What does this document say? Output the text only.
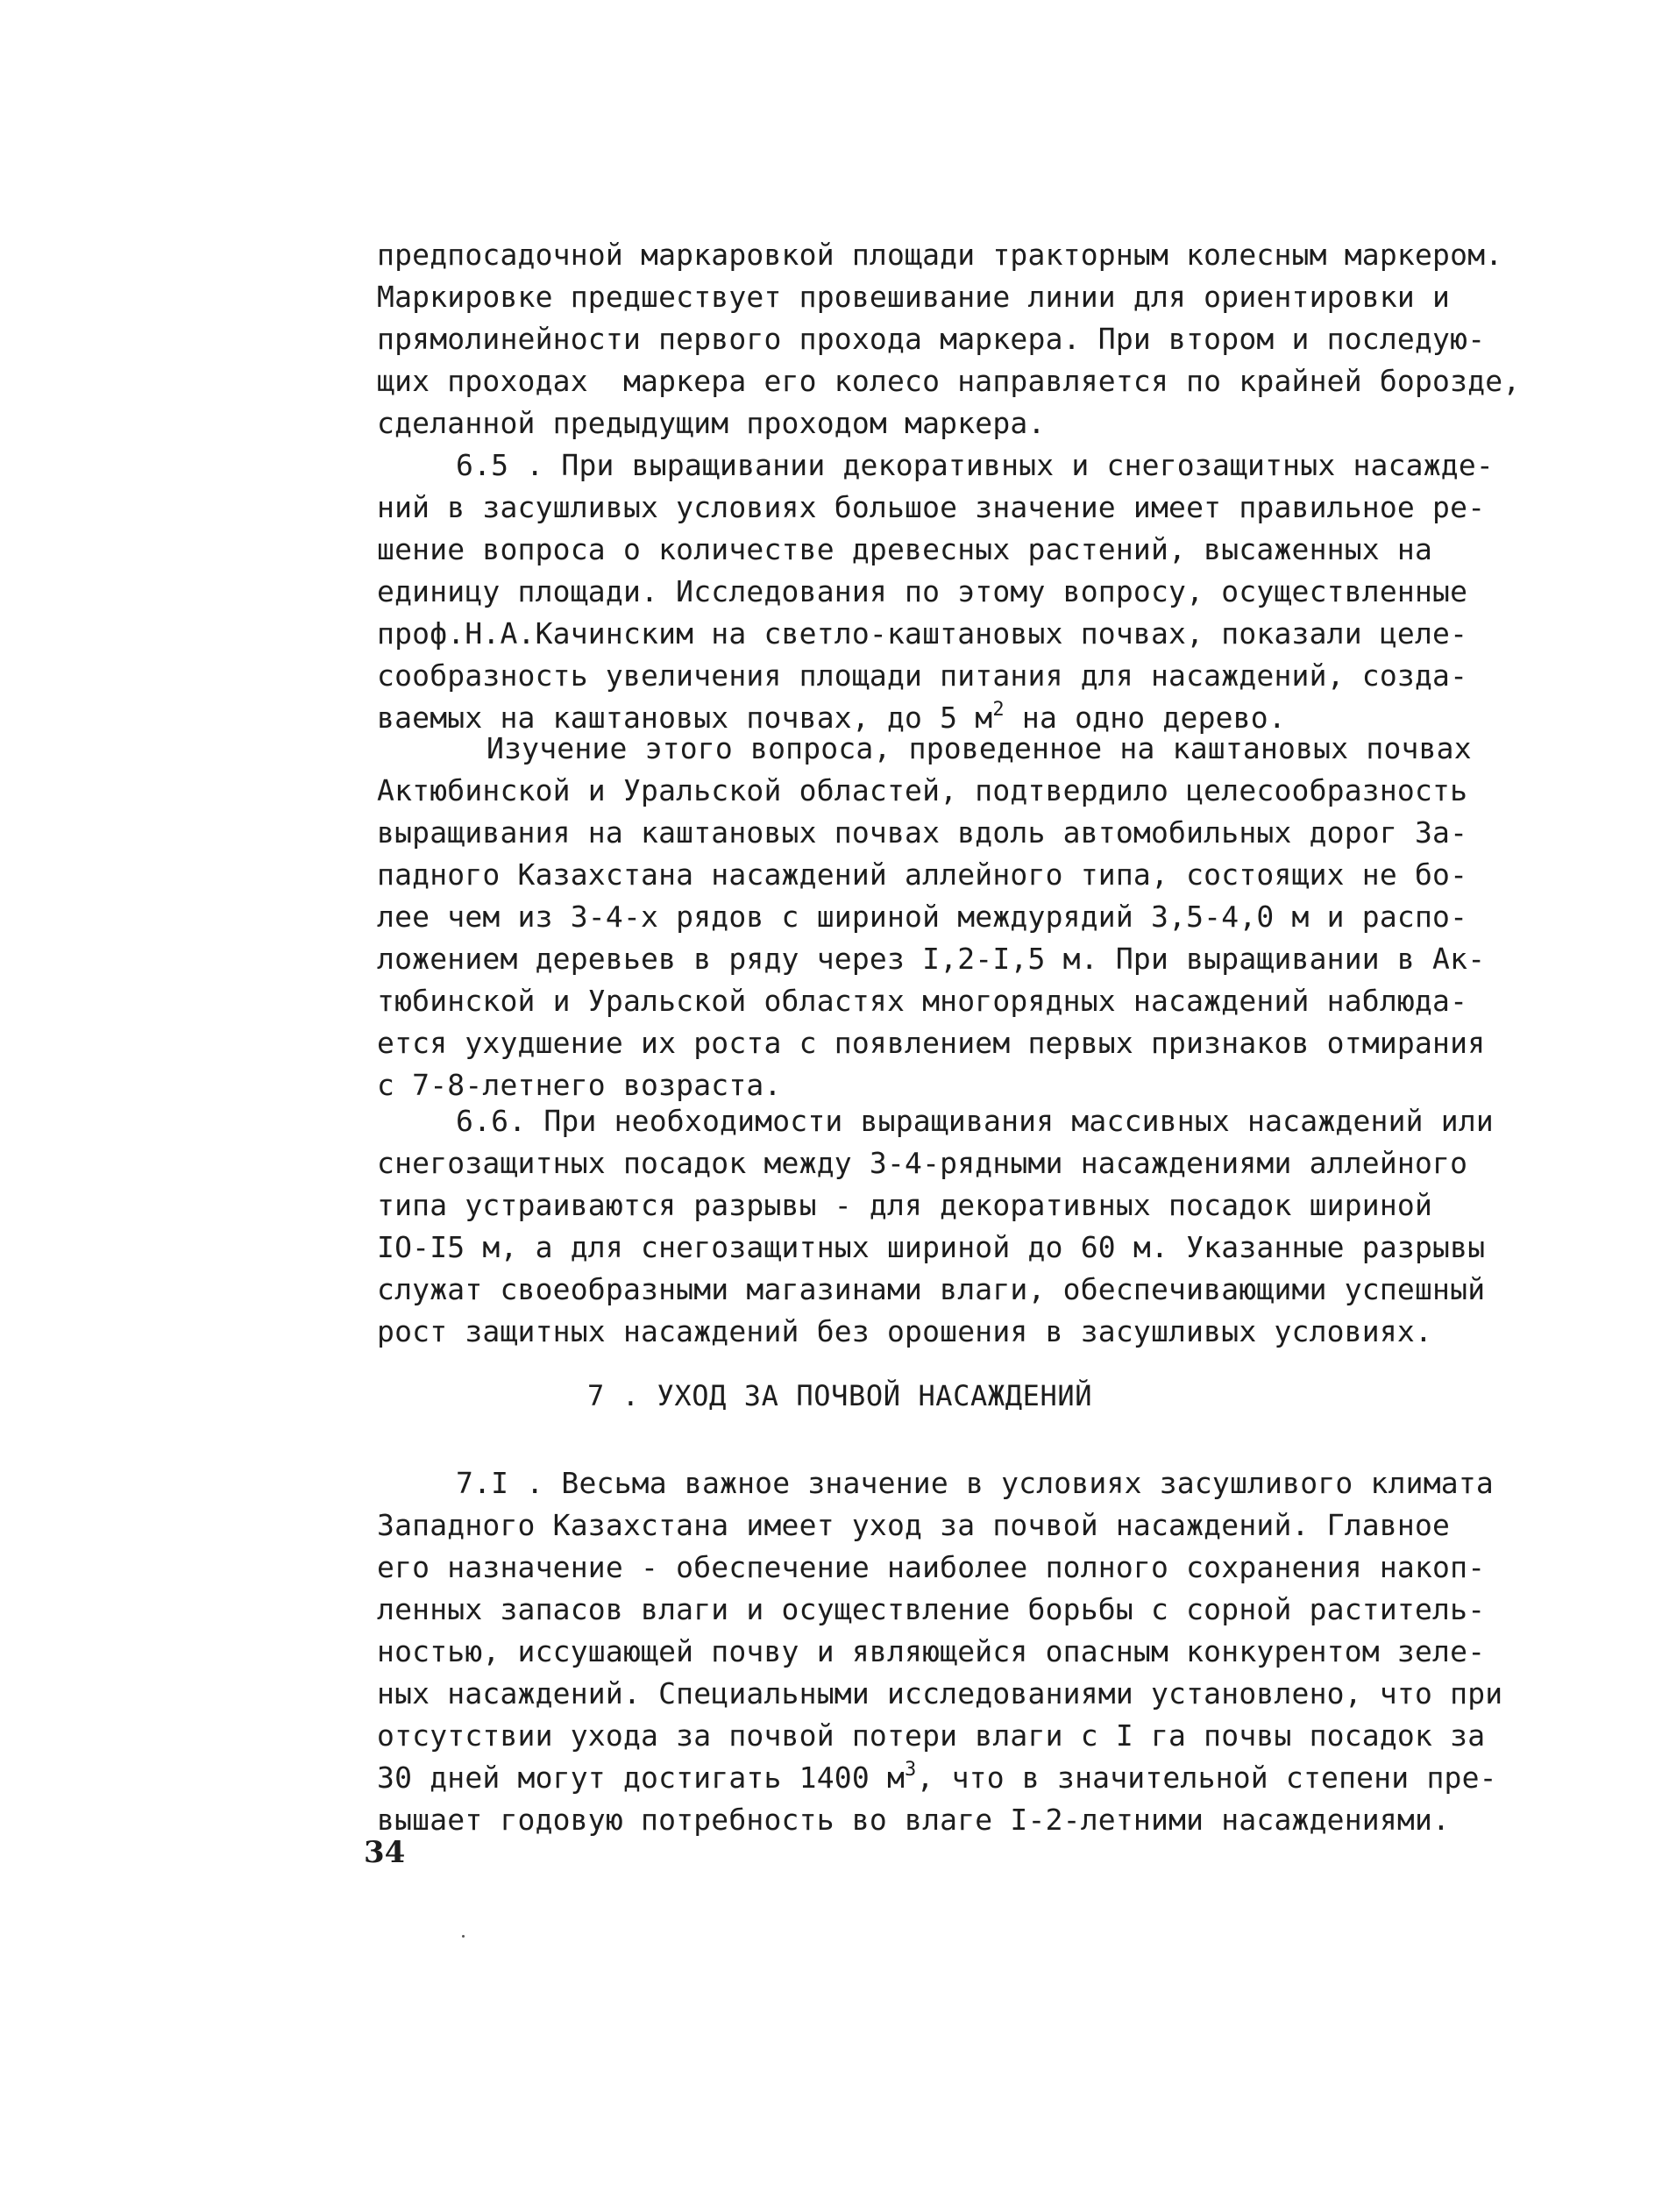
предпосадочной маркаровкой площади тракторным колесным маркером.
Маркировке предшествует провешивание линии для ориентировки и
прямолинейности первого прохода маркера. При втором и последую-
щих проходах  маркера его колесо направляется по крайней борозде,
сделанной предыдущим проходом маркера.
6.5 . При выращивании декоративных и снегозащитных насажде-
ний в засушливых условиях большое значение имеет правильное ре-
шение вопроса о количестве древесных растений, высаженных на
единицу площади. Исследования по этому вопросу, осуществленные
проф.Н.А.Качинским на светло-каштановых почвах, показали целе-
сообразность увеличения площади питания для насаждений, созда-
ваемых на каштановых почвах, до 5 $м^2$ на одно дерево.
Изучение этого вопроса, проведенное на каштановых почвах
Актюбинской и Уральской областей, подтвердило целесообразность
выращивания на каштановых почвах вдоль автомобильных дорог За-
падного Казахстана насаждений аллейного типа, состоящих не бо-
лее чем из 3-4-х рядов с шириной междурядий 3,5-4,0 м и распо-
ложением деревьев в ряду через I,2-I,5 м. При выращивании в Ак-
тюбинской и Уральской областях многорядных насаждений наблюда-
ется ухудшение их роста с появлением первых признаков отмирания
с 7-8-летнего возраста.
6.6. При необходимости выращивания массивных насаждений или
снегозащитных посадок между 3-4-рядными насаждениями аллейного
типа устраиваются разрывы - для декоративных посадок шириной
IO-I5 м, а для снегозащитных шириной до 60 м. Указанные разрывы
служат своеобразными магазинами влаги, обеспечивающими успешный
рост защитных насаждений без орошения в засушливых условиях.
7 . УХОД ЗА ПОЧВОЙ НАСАЖДЕНИЙ
7.I . Весьма важное значение в условиях засушливого климата
Западного Казахстана имеет уход за почвой насаждений. Главное
его назначение - обеспечение наиболее полного сохранения накоп-
ленных запасов влаги и осуществление борьбы с сорной раститель-
ностью, иссушающей почву и являющейся опасным конкурентом зеле-
ных насаждений. Специальными исследованиями установлено, что при
отсутствии ухода за почвой потери влаги с I га почвы посадок за
30 дней могут достигать 1400 $м^3$, что в значительной степени пре-
вышает годовую потребность во влаге I-2-летними насаждениями.
34
